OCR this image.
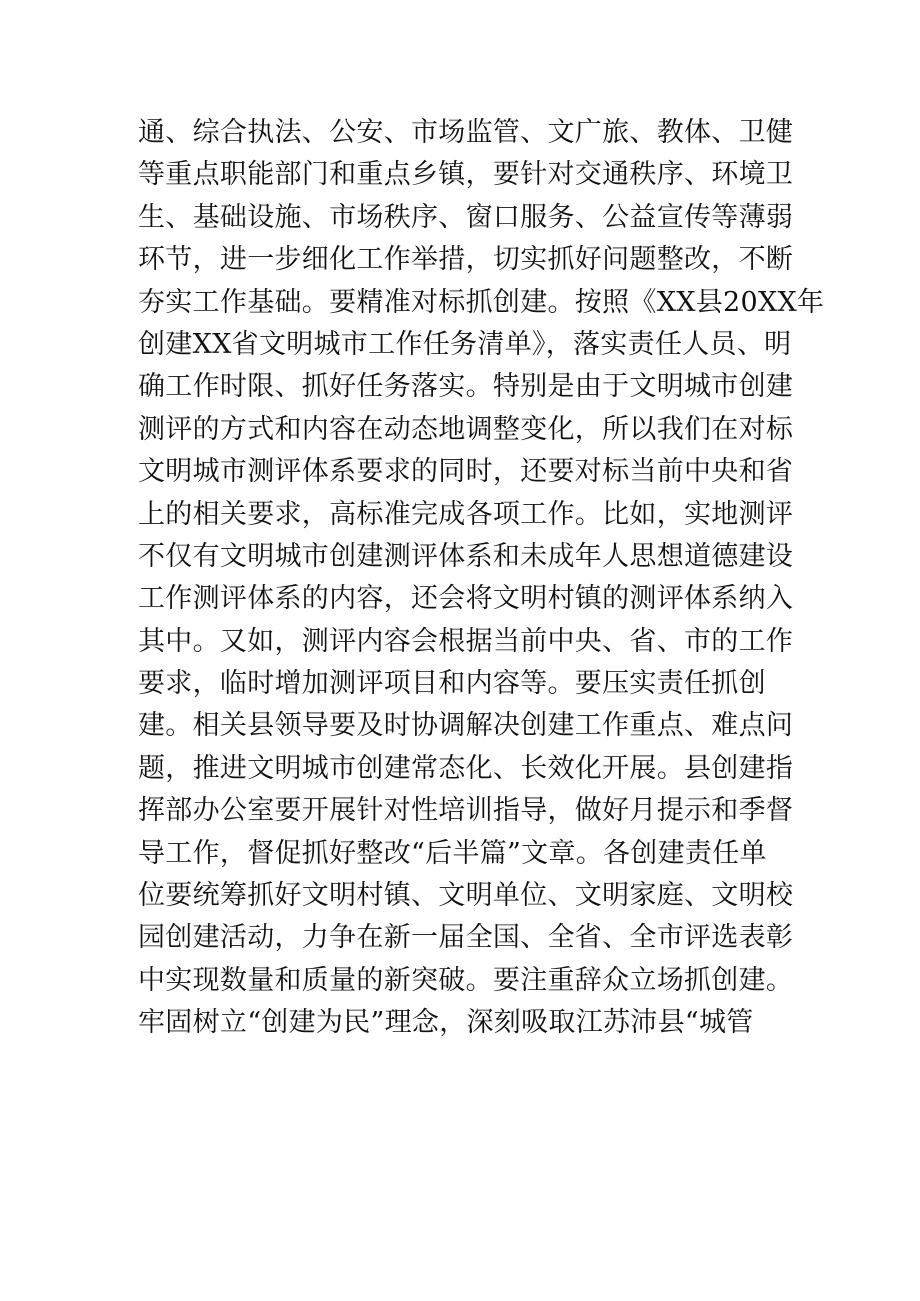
通、综合执法、公安、市场监管、文广旅、教体、卫健
等重点职能部门和重点乡镇，要针对交通秩序、环境卫
生、基础设施、市场秩序、窗口服务、公益宣传等薄弱
环节，进一步细化工作举措，切实抓好问题整改，不断
夯实工作基础。要精准对标抓创建。按照《XX县20XX年
创建XX省文明城市工作任务清单》，落实责任人员、明
确工作时限、抓好任务落实。特别是由于文明城市创建
测评的方式和内容在动态地调整变化，所以我们在对标
文明城市测评体系要求的同时，还要对标当前中央和省
上的相关要求，高标准完成各项工作。比如，实地测评
不仅有文明城市创建测评体系和未成年人思想道德建设
工作测评体系的内容，还会将文明村镇的测评体系纳入
其中。又如，测评内容会根据当前中央、省、市的工作
要求，临时增加测评项目和内容等。要压实责任抓创
建。相关县领导要及时协调解决创建工作重点、难点问
题，推进文明城市创建常态化、长效化开展。县创建指
挥部办公室要开展针对性培训指导，做好月提示和季督
导工作，督促抓好整改“后半篇”文章。各创建责任单
位要统筹抓好文明村镇、文明单位、文明家庭、文明校
园创建活动，力争在新一届全国、全省、全市评选表彰
中实现数量和质量的新突破。要注重辞众立场抓创建。
牢固树立“创建为民”理念，深刻吸取江苏沛县“城管
